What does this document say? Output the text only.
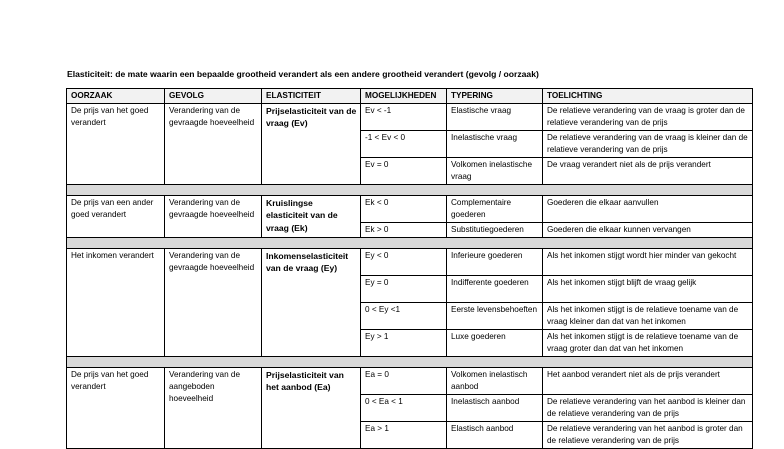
Elasticiteit: de mate waarin een bepaalde grootheid verandert als een andere grootheid verandert (gevolg / oorzaak)
OORZAAK	GEVOLG	ELASTICITEIT	MOGELIJKHEDEN	TYPERING	TOELICHTING
De prijs van het goed verandert	Verandering van de gevraagde hoeveelheid	Prijselasticiteit van de vraag (Ev)	Ev < -1	Elastische vraag	De relatieve verandering van de vraag is groter dan de relatieve verandering van de prijs
			-1 < Ev < 0	Inelastische vraag	De relatieve verandering van de vraag is kleiner dan de relatieve verandering van de prijs
			Ev = 0	Volkomen inelastische vraag	De vraag verandert niet als de prijs verandert

De prijs van een ander goed verandert	Verandering van de gevraagde hoeveelheid	Kruislingse elasticiteit van de vraag (Ek)	Ek < 0	Complementaire goederen	Goederen die elkaar aanvullen
			Ek > 0	Substitutiegoederen	Goederen die elkaar kunnen vervangen

Het inkomen verandert	Verandering van de gevraagde hoeveelheid	Inkomenselasticiteit van de vraag (Ey)	Ey < 0	Inferieure goederen	Als het inkomen stijgt wordt hier minder van gekocht
			Ey = 0	Indifferente goederen	Als het inkomen stijgt blijft de vraag gelijk
			0 < Ey <1	Eerste levensbehoeften	Als het inkomen stijgt is de relatieve toename van de vraag kleiner dan dat van het inkomen
			Ey > 1	Luxe goederen	Als het inkomen stijgt is de relatieve toename van de vraag groter dan dat van het inkomen

De prijs van het goed verandert	Verandering van de aangeboden hoeveelheid	Prijselasticiteit van het aanbod (Ea)	Ea = 0	Volkomen inelastisch aanbod	Het aanbod verandert niet als de prijs verandert
			0 < Ea < 1	Inelastisch aanbod	De relatieve verandering van het aanbod is kleiner dan de relatieve verandering van de prijs
			Ea > 1	Elastisch aanbod	De relatieve verandering van het aanbod is groter dan de relatieve verandering van de prijs
